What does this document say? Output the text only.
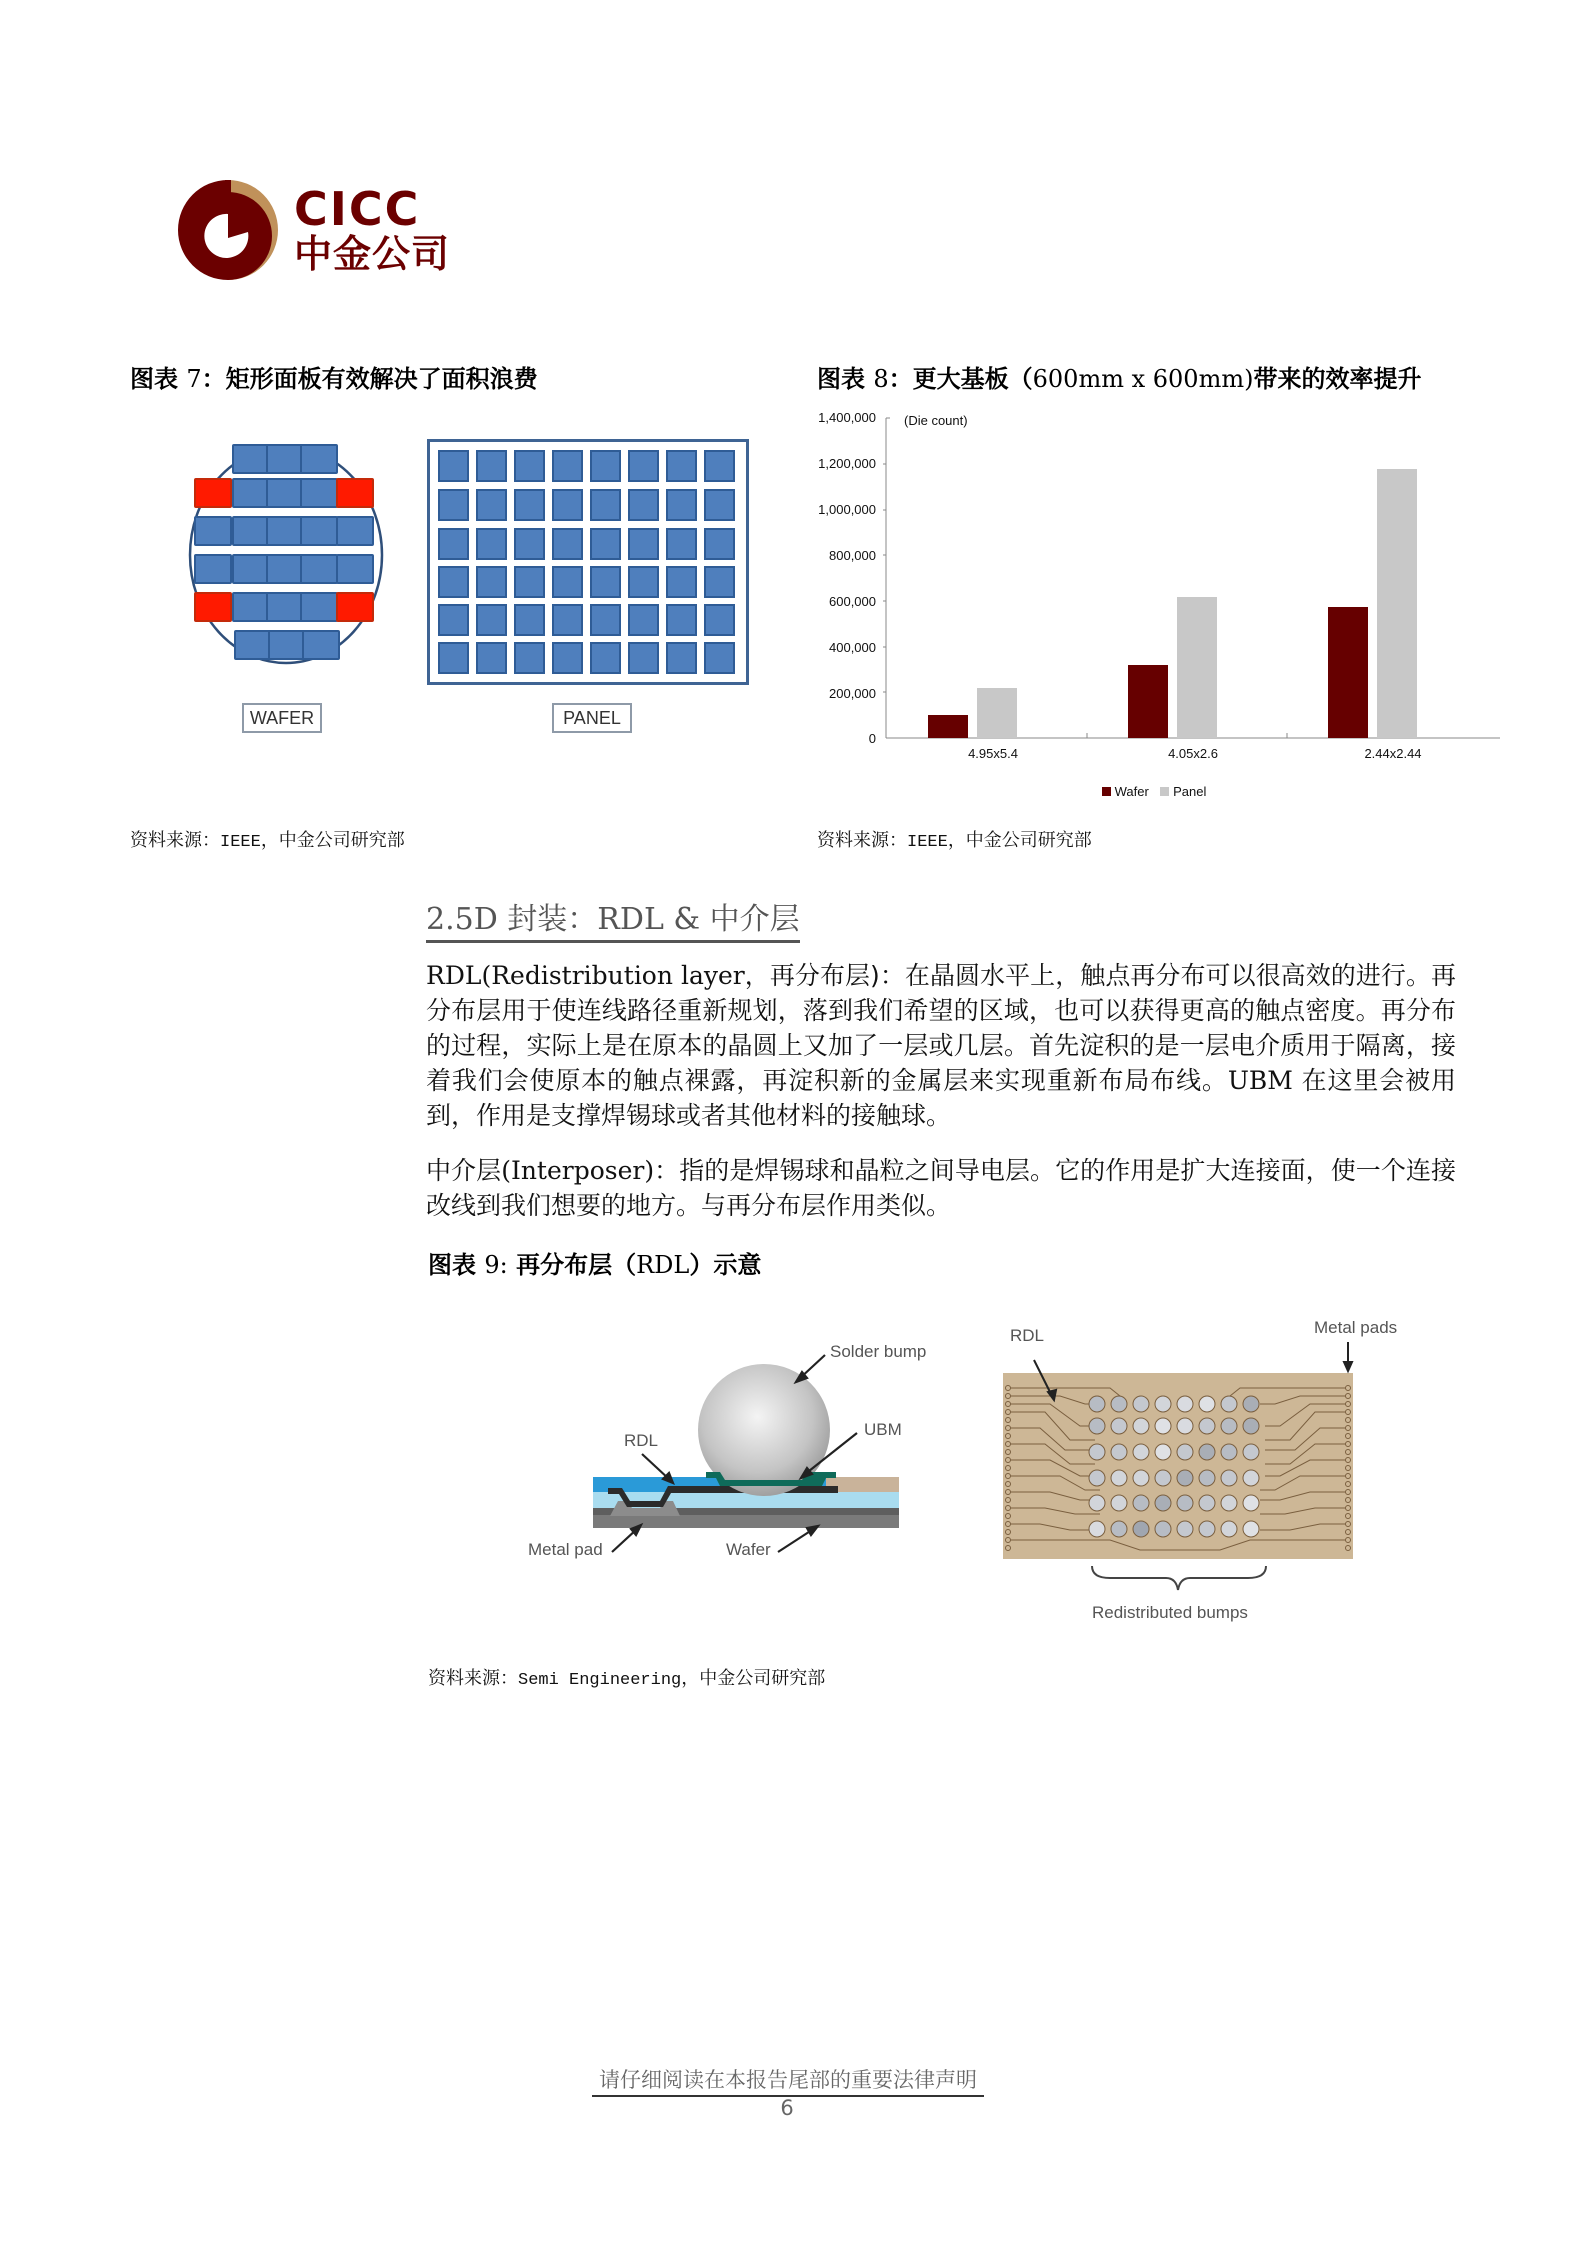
CICC
中金公司
图表 7：矩形面板有效解决了面积浪费
WAFER	PANEL
资料来源：IEEE，中金公司研究部
图表 8：更大基板（600mm x 600mm)带来的效率提升
1,400,000
1,200,000
1,000,000
800,000
600,000
400,000
200,000
0
(Die count)
4.95x5.4	4.05x2.6	2.44x2.44
Wafer Panel
资料来源：IEEE，中金公司研究部
2.5D 封装：RDL & 中介层
RDL(Redistribution layer，再分布层)：在晶圆水平上，触点再分布可以很高效的进行。再分布层用于使连线路径重新规划，落到我们希望的区域，也可以获得更高的触点密度。再分布的过程，实际上是在原本的晶圆上又加了一层或几层。首先淀积的是一层电介质用于隔离，接着我们会使原本的触点裸露，再淀积新的金属层来实现重新布局布线。UBM 在这里会被用到，作用是支撑焊锡球或者其他材料的接触球。
中介层(Interposer)：指的是焊锡球和晶粒之间导电层。它的作用是扩大连接面，使一个连接改线到我们想要的地方。与再分布层作用类似。
图表 9: 再分布层（RDL）示意
Solder bump
UBM
RDL
Metal pad	Wafer
RDL	Metal pads
Redistributed bumps
资料来源：Semi Engineering，中金公司研究部
请仔细阅读在本报告尾部的重要法律声明
6
